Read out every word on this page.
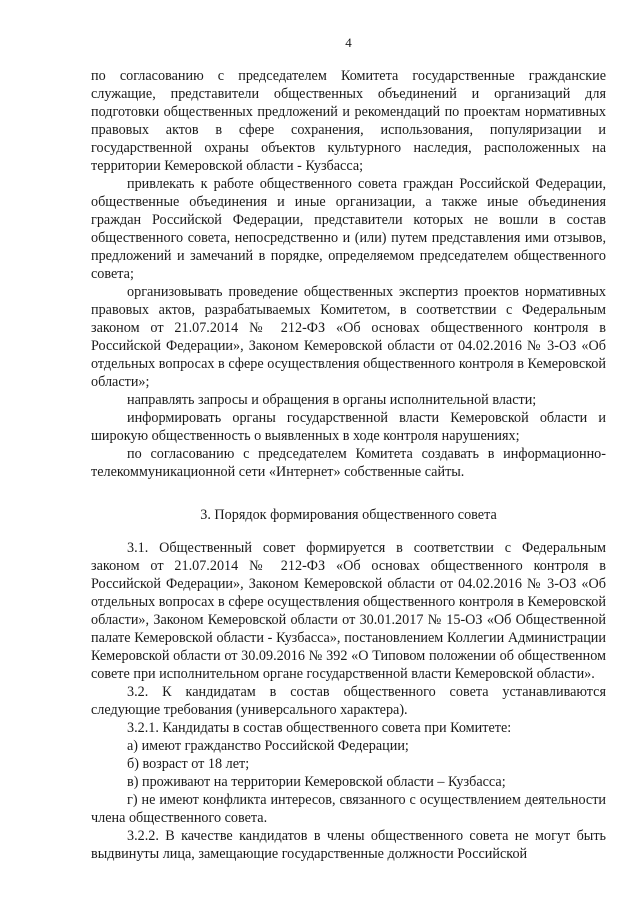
4

по согласованию с председателем Комитета государственные гражданские служащие, представители общественных объединений и организаций для подготовки общественных предложений и рекомендаций по проектам нормативных правовых актов в сфере сохранения, использования, популяризации и государственной охраны объектов культурного наследия, расположенных на территории Кемеровской области - Кузбасса;

привлекать к работе общественного совета граждан Российской Федерации, общественные объединения и иные организации, а также иные объединения граждан Российской Федерации, представители которых не вошли в состав общественного совета, непосредственно и (или) путем представления ими отзывов, предложений и замечаний в порядке, определяемом председателем общественного совета;

организовывать проведение общественных экспертиз проектов нормативных правовых актов, разрабатываемых Комитетом, в соответствии с Федеральным законом от 21.07.2014 № 212-ФЗ «Об основах общественного контроля в Российской Федерации», Законом Кемеровской области от 04.02.2016 № 3-ОЗ «Об отдельных вопросах в сфере осуществления общественного контроля в Кемеровской области»;

направлять запросы и обращения в органы исполнительной власти;

информировать органы государственной власти Кемеровской области и широкую общественность о выявленных в ходе контроля нарушениях;

по согласованию с председателем Комитета создавать в информационно-телекоммуникационной сети «Интернет» собственные сайты.

3. Порядок формирования общественного совета

3.1. Общественный совет формируется в соответствии с Федеральным законом от 21.07.2014 № 212-ФЗ «Об основах общественного контроля в Российской Федерации», Законом Кемеровской области от 04.02.2016 № 3-ОЗ «Об отдельных вопросах в сфере осуществления общественного контроля в Кемеровской области», Законом Кемеровской области от 30.01.2017 № 15-ОЗ «Об Общественной палате Кемеровской области - Кузбасса», постановлением Коллегии Администрации Кемеровской области от 30.09.2016 № 392 «О Типовом положении об общественном совете при исполнительном органе государственной власти Кемеровской области».

3.2. К кандидатам в состав общественного совета устанавливаются следующие требования (универсального характера).

3.2.1. Кандидаты в состав общественного совета при Комитете:

а) имеют гражданство Российской Федерации;

б) возраст от 18 лет;

в) проживают на территории Кемеровской области – Кузбасса;

г) не имеют конфликта интересов, связанного с осуществлением деятельности члена общественного совета.

3.2.2. В качестве кандидатов в члены общественного совета не могут быть выдвинуты лица, замещающие государственные должности Российской
